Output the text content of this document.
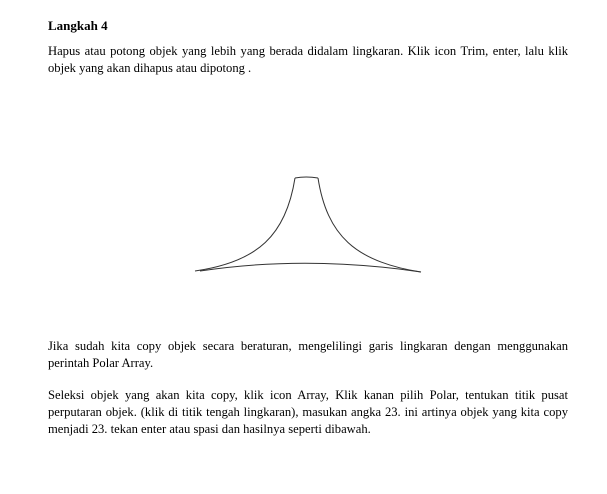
Langkah 4

Hapus atau potong objek yang lebih yang berada didalam lingkaran. Klik icon Trim, enter, lalu klik objek yang akan dihapus atau dipotong .

Jika sudah kita copy objek secara beraturan, mengelilingi garis lingkaran dengan menggunakan perintah Polar Array.

Seleksi objek yang akan kita copy, klik icon Array, Klik kanan pilih Polar, tentukan titik pusat perputaran objek. (klik di titik tengah lingkaran), masukan angka 23. ini artinya objek yang kita copy menjadi 23. tekan enter atau spasi dan hasilnya seperti dibawah.
